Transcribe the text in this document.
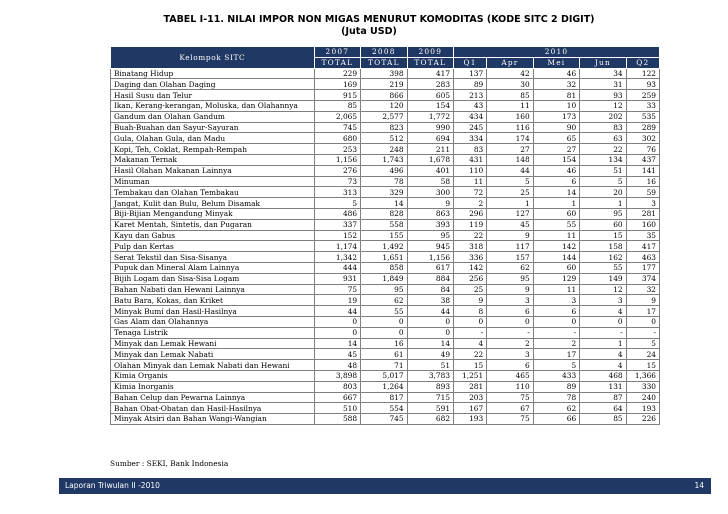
TABEL I-11. NILAI IMPOR NON MIGAS MENURUT KOMODITAS (KODE SITC 2 DIGIT)
(Juta USD)
Kelompok SITC	2007	2008	2009	2010				
	TOTAL	TOTAL	TOTAL	Q1	Apr	Mei	Jun	Q2
Binatang Hidup	229	398	417	137	42	46	34	122
Daging dan Olahan Daging	169	219	283	89	30	32	31	93
Hasil Susu dan Telur	915	866	605	213	85	81	93	259
Ikan, Kerang-kerangan, Moluska, dan Olahannya	85	120	154	43	11	10	12	33
Gandum dan Olahan Gandum	2,065	2,577	1,772	434	160	173	202	535
Buah-Buahan dan Sayur-Sayuran	745	823	990	245	116	90	83	289
Gula, Olahan Gula, dan Madu	680	512	694	334	174	65	63	302
Kopi, Teh, Coklat, Rempah-Rempah	253	248	211	83	27	27	22	76
Makanan Ternak	1,156	1,743	1,678	431	148	154	134	437
Hasil Olahan Makanan Lainnya	276	496	401	110	44	46	51	141
Minuman	73	78	58	11	5	6	5	16
Tembakau dan Olahan Tembakau	313	329	300	72	25	14	20	59
Jangat, Kulit dan Bulu, Belum Disamak	5	14	9	2	1	1	1	3
Biji-Bijian Mengandung Minyak	486	828	863	296	127	60	95	281
Karet Mentah, Sintetis, dan Pugaran	337	558	393	119	45	55	60	160
Kayu dan Gabus	152	155	95	22	9	11	15	35
Pulp dan Kertas	1,174	1,492	945	318	117	142	158	417
Serat Tekstil dan Sisa-Sisanya	1,342	1,651	1,156	336	157	144	162	463
Pupuk dan Mineral Alam Lainnya	444	858	617	142	62	60	55	177
Bijih Logam dan Sisa-Sisa Logam	931	1,849	884	256	95	129	149	374
Bahan Nabati dan Hewani Lainnya	75	95	84	25	9	11	12	32
Batu Bara, Kokas, dan Kriket	19	62	38	9	3	3	3	9
Minyak Bumi dan Hasil-Hasilnya	44	55	44	8	6	6	4	17
Gas Alam dan Olahannya	0	0	0	0	0	0	0	0
Tenaga Listrik	0	0	0	-	-	-	-	-
Minyak dan Lemak Hewani	14	16	14	4	2	2	1	5
Minyak dan Lemak Nabati	45	61	49	22	3	17	4	24
Olahan Minyak dan Lemak Nabati dan Hewani	48	71	51	15	6	5	4	15
Kimia Organis	3,898	5,017	3,783	1,251	465	433	468	1,366
Kimia Inorganis	803	1,264	893	281	110	89	131	330
Bahan Celup dan Pewarna Lainnya	667	817	715	203	75	78	87	240
Bahan Obat-Obatan dan Hasil-Hasilnya	510	554	591	167	67	62	64	193
Minyak Atsiri dan Bahan Wangi-Wangian	588	745	682	193	75	66	85	226
Sumber : SEKI, Bank Indonesia
Laporan Triwulan II -2010	14
